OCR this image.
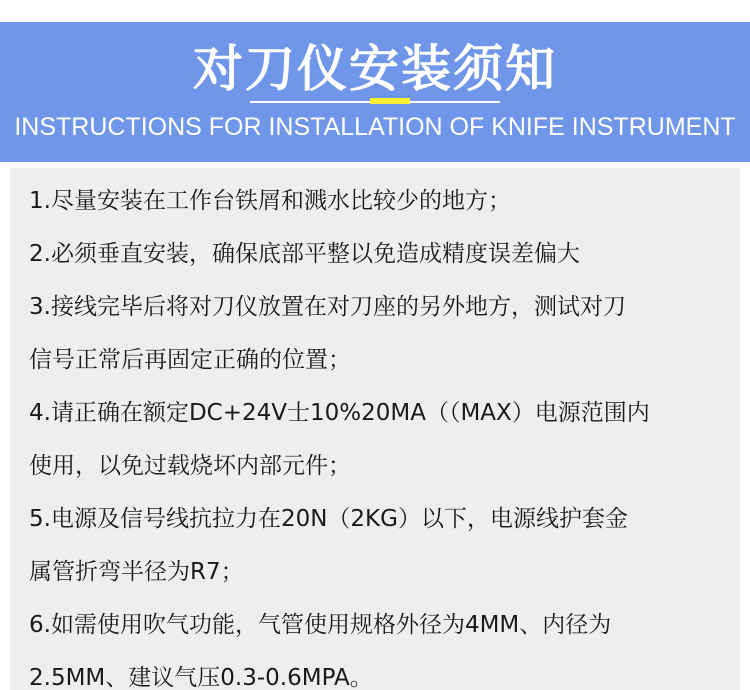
对刀仪安装须知
INSTRUCTIONS FOR INSTALLATION OF KNIFE INSTRUMENT

1.尽量安装在工作台铁屑和溅水比较少的地方；

2.必须垂直安装，确保底部平整以免造成精度误差偏大

3.接线完毕后将对刀仪放置在对刀座的另外地方，测试对刀

信号正常后再固定正确的位置；

4.请正确在额定DC+24V士10%20MA（（MAX）电源范围内

使用，以免过载烧坏内部元件；

5.电源及信号线抗拉力在20N（2KG）以下，电源线护套金

属管折弯半径为R7；

6.如需使用吹气功能，气管使用规格外径为4MM、内径为

2.5MM、建议气压0.3-0.6MPA。
